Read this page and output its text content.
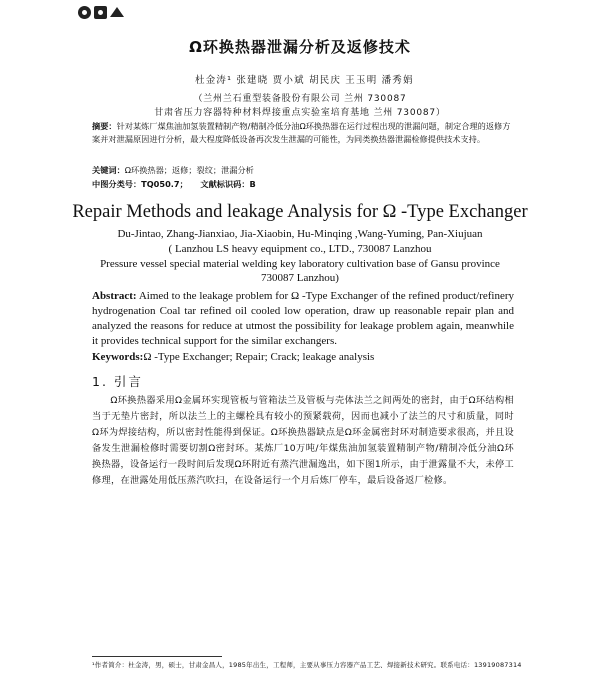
Ω环换热器泄漏分析及返修技术
杜金涛¹ 张建晓 贾小斌 胡民庆 王玉明 潘秀娟
（兰州兰石重型装备股份有限公司 兰州 730087
甘肃省压力容器特种材料焊接重点实验室培育基地 兰州 730087）
摘要：针对某炼厂煤焦油加氢装置精制产物/精制冷低分油Ω环换热器在运行过程出现的泄漏问题，制定合理的返修方案并对泄漏原因进行分析，最大程度降低设备再次发生泄漏的可能性，为同类换热器泄漏检修提供技术支持。
关键词：Ω环换热器；返修；裂纹；泄漏分析
中图分类号：TQ050.7； 文献标识码：B
Repair Methods and leakage Analysis for Ω -Type Exchanger
Du-Jintao, Zhang-Jianxiao, Jia-Xiaobin, Hu-Minqing ,Wang-Yuming, Pan-Xiujuan
( Lanzhou LS heavy equipment co., LTD., 730087 Lanzhou
Pressure vessel special material welding key laboratory cultivation base of Gansu province
730087 Lanzhou)
Abstract: Aimed to the leakage problem for Ω -Type Exchanger of the refined product/refinery hydrogenation Coal tar refined oil cooled low operation, draw up reasonable repair plan and analyzed the reasons for reduce at utmost the possibility for leakage problem again, meanwhile it provides technical support for the similar exchangers.
Keywords:Ω -Type Exchanger; Repair; Crack; leakage analysis
1. 引言
Ω环换热器采用Ω金属环实现管板与管箱法兰及管板与壳体法兰之间两处的密封，由于Ω环结构相当于无垫片密封，所以法兰上的主螺栓具有较小的预紧载荷，因而也减小了法兰的尺寸和质量，同时Ω环为焊接结构，所以密封性能得到保证。Ω环换热器缺点是Ω环金属密封环对制造要求很高，并且设备发生泄漏检修时需要切割Ω密封环。某炼厂10万吨/年煤焦油加氢装置精制产物/精制冷低分油Ω环换热器，设备运行一段时间后发现Ω环附近有蒸汽泄漏逸出，如下图1所示，由于泄露量不大，未停工修理，在泄露处用低压蒸汽吹扫，在设备运行一个月后炼厂停车，最后设备返厂检修。
¹作者简介：杜金涛，男，硕士，甘肃金昌人，1985年出生，工程师，主要从事压力容器产品工艺、焊接新技术研究。联系电话：13919087314
